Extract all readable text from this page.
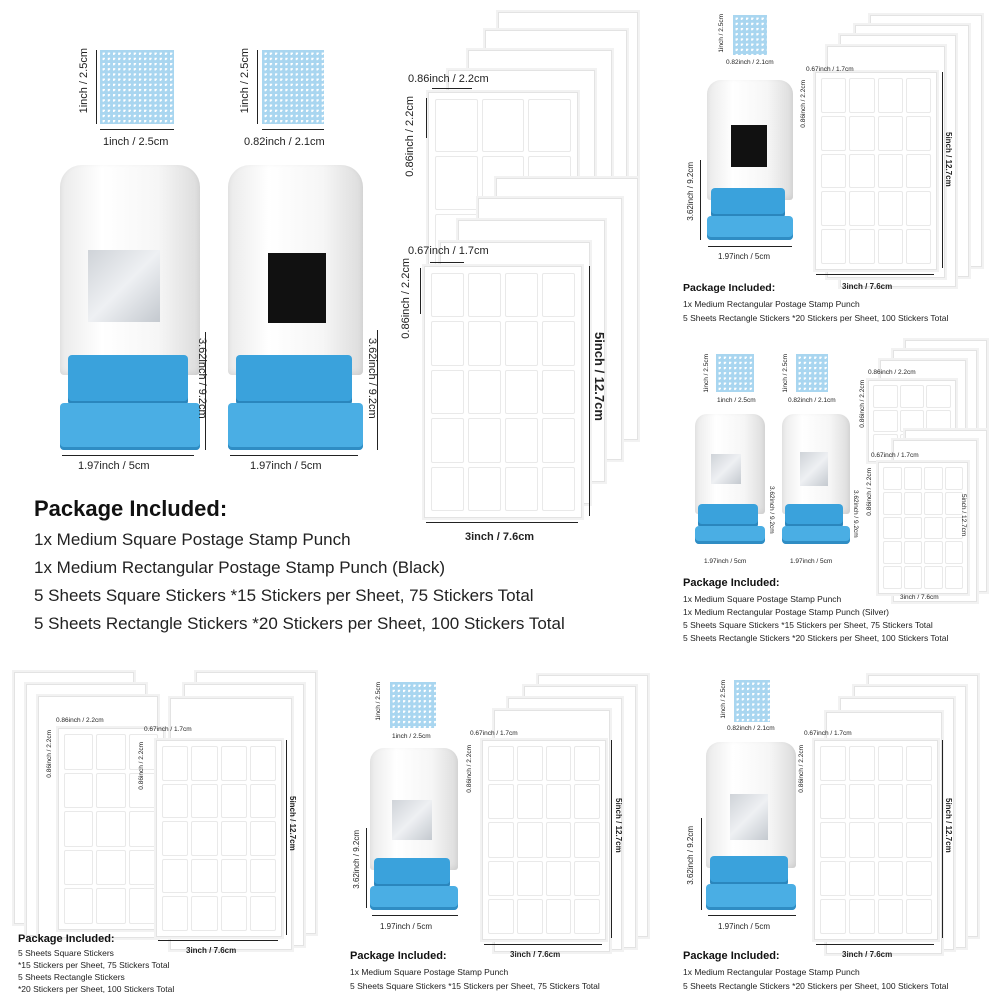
1inch / 2.5cm
1inch / 2.5cm
1inch / 2.5cm
0.82inch / 2.1cm
3.62inch / 9.2cm
1.97inch / 5cm
3.62inch / 9.2cm
1.97inch / 5cm
0.86inch / 2.2cm
0.86inch / 2.2cm
0.67inch / 1.7cm
0.86inch / 2.2cm
5inch / 12.7cm
3inch / 7.6cm
Package Included:
1x Medium Square Postage Stamp Punch
1x Medium Rectangular Postage Stamp Punch (Black)
5 Sheets Square Stickers *15 Stickers per Sheet, 75 Stickers Total
5 Sheets Rectangle Stickers *20 Stickers per Sheet, 100 Stickers Total
1inch / 2.5cm
0.82inch / 2.1cm
3.62inch / 9.2cm
1.97inch / 5cm
0.67inch / 1.7cm
0.86inch / 2.2cm
5inch / 12.7cm
3inch / 7.6cm
Package Included:
1x Medium Rectangular Postage Stamp Punch
5 Sheets Rectangle Stickers *20 Stickers per Sheet, 100 Stickers Total
1inch / 2.5cm
1inch / 2.5cm
1inch / 2.5cm
0.82inch / 2.1cm
1.97inch / 5cm
3.62inch / 9.2cm
1.97inch / 5cm
3.62inch / 9.2cm
0.86inch / 2.2cm
0.86inch / 2.2cm
0.67inch / 1.7cm
0.86inch / 2.2cm	5inch / 12.7cm
3inch / 7.6cm
Package Included:
1x Medium Square Postage Stamp Punch
1x Medium Rectangular Postage Stamp Punch (Silver)
5 Sheets Square Stickers *15 Stickers per Sheet, 75 Stickers Total
5 Sheets Rectangle Stickers *20 Stickers per Sheet, 100 Stickers Total
0.86inch / 2.2cm
0.86inch / 2.2cm
0.67inch / 1.7cm
0.86inch / 2.2cm
5inch / 12.7cm
3inch / 7.6cm
Package Included:
5 Sheets Square Stickers
*15 Stickers per Sheet, 75 Stickers Total
5 Sheets Rectangle Stickers
*20 Stickers per Sheet, 100 Stickers Total
1inch / 2.5cm
1inch / 2.5cm
3.62inch / 9.2cm
1.97inch / 5cm
0.67inch / 1.7cm
0.86inch / 2.2cm
5inch / 12.7cm
3inch / 7.6cm
Package Included:
1x Medium Square Postage Stamp Punch
5 Sheets Square Stickers *15 Stickers per Sheet, 75 Stickers Total
1inch / 2.5cm
0.82inch / 2.1cm
3.62inch / 9.2cm
1.97inch / 5cm
0.67inch / 1.7cm
0.86inch / 2.2cm
5inch / 12.7cm
3inch / 7.6cm
Package Included:
1x Medium Rectangular Postage Stamp Punch
5 Sheets Rectangle Stickers *20 Stickers per Sheet, 100 Stickers Total
